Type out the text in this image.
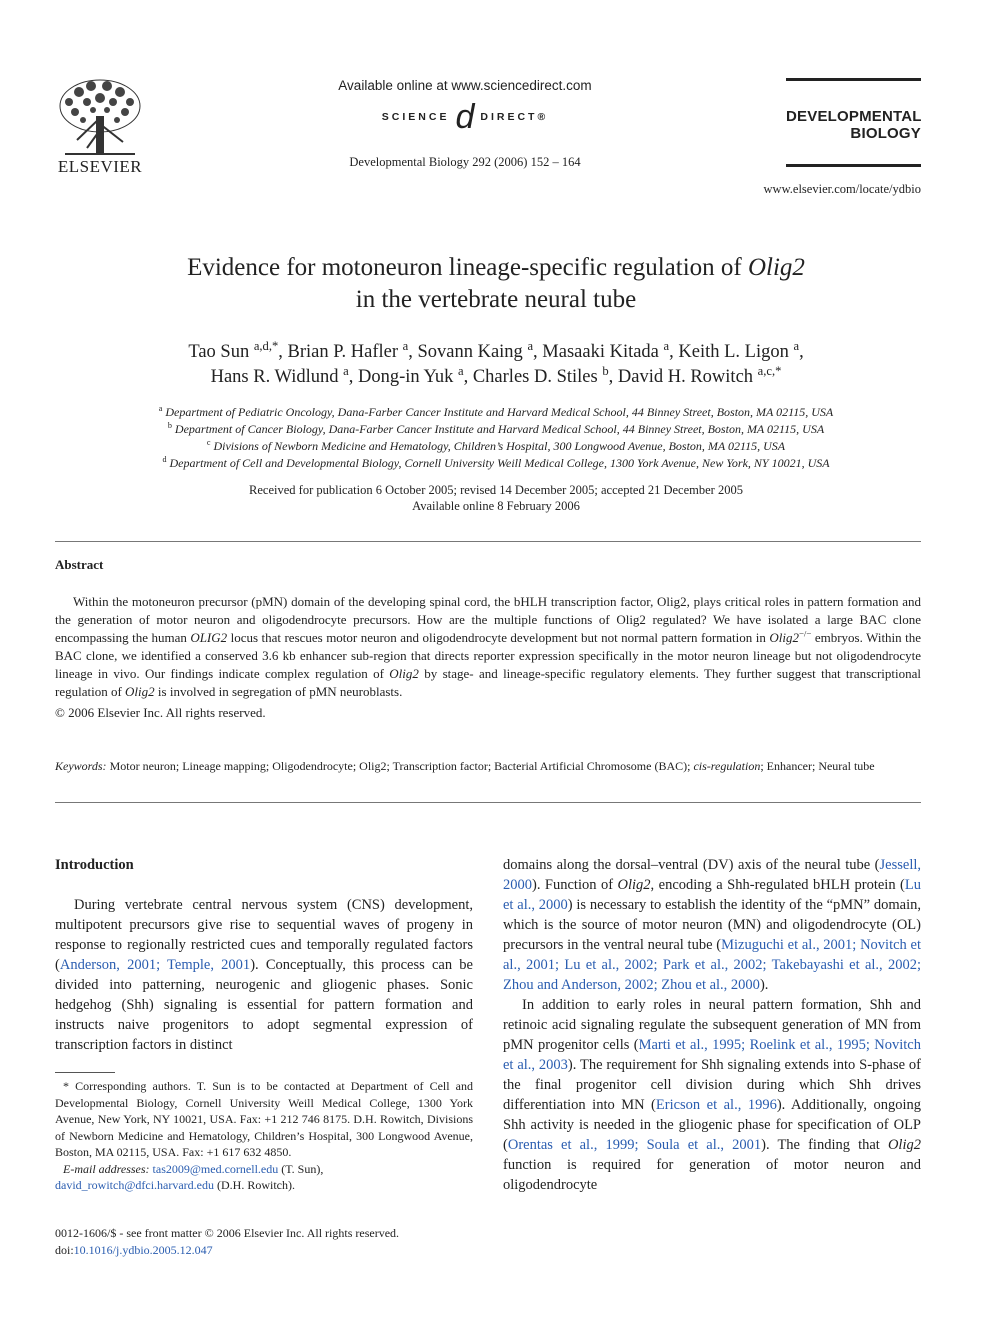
ELSEVIER
Available online at www.sciencedirect.com
SCIENCE d DIRECT®
Developmental Biology 292 (2006) 152 – 164
DEVELOPMENTAL
BIOLOGY
www.elsevier.com/locate/ydbio
Evidence for motoneuron lineage-specific regulation of Olig2
in the vertebrate neural tube
Tao Sun $^{a,d,*}$, Brian P. Hafler $^a$, Sovann Kaing $^a$, Masaaki Kitada $^a$, Keith L. Ligon $^a$,
Hans R. Widlund $^a$, Dong-in Yuk $^a$, Charles D. Stiles $^b$, David H. Rowitch $^{a,c,*}$
$^a$ Department of Pediatric Oncology, Dana-Farber Cancer Institute and Harvard Medical School, 44 Binney Street, Boston, MA 02115, USA
$^b$ Department of Cancer Biology, Dana-Farber Cancer Institute and Harvard Medical School, 44 Binney Street, Boston, MA 02115, USA
$^c$ Divisions of Newborn Medicine and Hematology, Children’s Hospital, 300 Longwood Avenue, Boston, MA 02115, USA
$^d$ Department of Cell and Developmental Biology, Cornell University Weill Medical College, 1300 York Avenue, New York, NY 10021, USA
Received for publication 6 October 2005; revised 14 December 2005; accepted 21 December 2005
Available online 8 February 2006
Abstract

Within the motoneuron precursor (pMN) domain of the developing spinal cord, the bHLH transcription factor, Olig2, plays critical roles in pattern formation and the generation of motor neuron and oligodendrocyte precursors. How are the multiple functions of Olig2 regulated? We have isolated a large BAC clone encompassing the human OLIG2 locus that rescues motor neuron and oligodendrocyte development but not normal pattern formation in Olig2−/− embryos. Within the BAC clone, we identified a conserved 3.6 kb enhancer sub-region that directs reporter expression specifically in the motor neuron lineage but not oligodendrocyte lineage in vivo. Our findings indicate complex regulation of Olig2 by stage- and lineage-specific regulatory elements. They further suggest that transcriptional regulation of Olig2 is involved in segregation of pMN neuroblasts.

© 2006 Elsevier Inc. All rights reserved.
Keywords: Motor neuron; Lineage mapping; Oligodendrocyte; Olig2; Transcription factor; Bacterial Artificial Chromosome (BAC); cis-regulation; Enhancer; Neural tube
Introduction

During vertebrate central nervous system (CNS) development, multipotent precursors give rise to sequential waves of progeny in response to regionally restricted cues and temporally regulated factors (Anderson, 2001; Temple, 2001). Conceptually, this process can be divided into patterning, neurogenic and gliogenic phases. Sonic hedgehog (Shh) signaling is essential for pattern formation and instructs naive progenitors to adopt segmental expression of transcription factors in distinct

domains along the dorsal–ventral (DV) axis of the neural tube (Jessell, 2000). Function of Olig2, encoding a Shh-regulated bHLH protein (Lu et al., 2000) is necessary to establish the identity of the “pMN” domain, which is the source of motor neuron (MN) and oligodendrocyte (OL) precursors in the ventral neural tube (Mizuguchi et al., 2001; Novitch et al., 2001; Lu et al., 2002; Park et al., 2002; Takebayashi et al., 2002; Zhou and Anderson, 2002; Zhou et al., 2000).

In addition to early roles in neural pattern formation, Shh and retinoic acid signaling regulate the subsequent generation of MN from pMN progenitor cells (Marti et al., 1995; Roelink et al., 1995; Novitch et al., 2003). The requirement for Shh signaling extends into S-phase of the final progenitor cell division during which Shh drives differentiation into MN (Ericson et al., 1996). Additionally, ongoing Shh activity is needed in the gliogenic phase for specification of OLP (Orentas et al., 1999; Soula et al., 2001). The finding that Olig2 function is required for generation of motor neuron and oligodendrocyte

* Corresponding authors. T. Sun is to be contacted at Department of Cell and Developmental Biology, Cornell University Weill Medical College, 1300 York Avenue, New York, NY 10021, USA. Fax: +1 212 746 8175. D.H. Rowitch, Divisions of Newborn Medicine and Hematology, Children’s Hospital, 300 Longwood Avenue, Boston, MA 02115, USA. Fax: +1 617 632 4850.

E-mail addresses: tas2009@med.cornell.edu (T. Sun),
david_rowitch@dfci.harvard.edu (D.H. Rowitch).

0012-1606/$ - see front matter © 2006 Elsevier Inc. All rights reserved.
doi:10.1016/j.ydbio.2005.12.047
